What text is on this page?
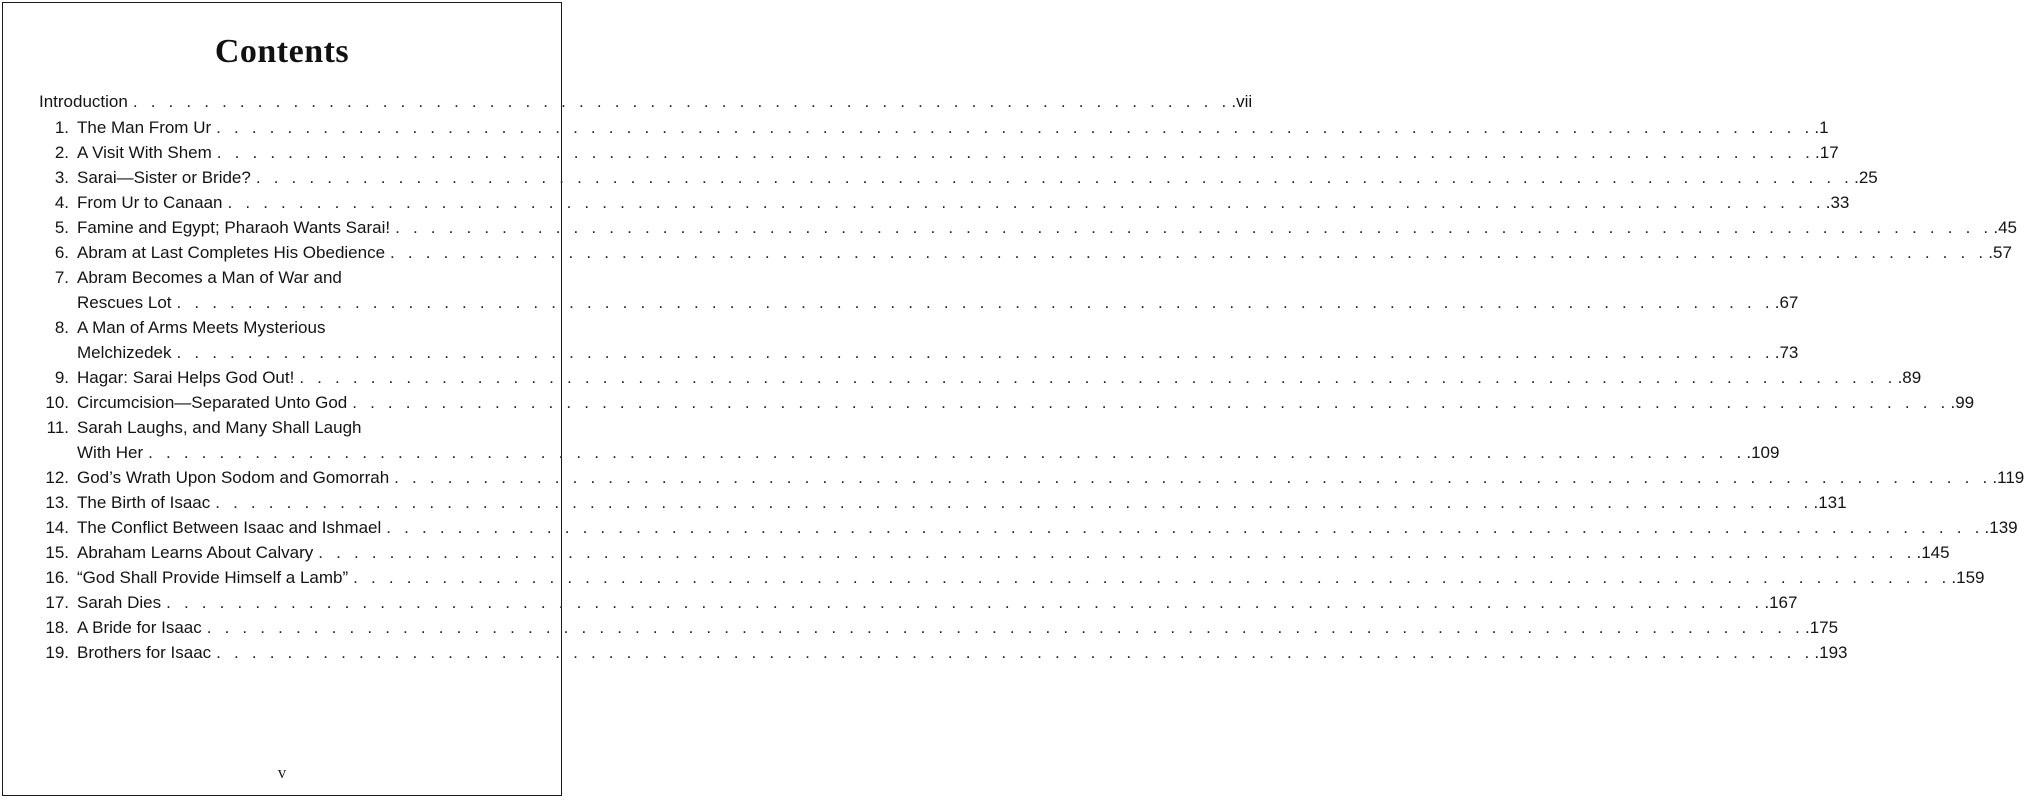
Contents
Introduction . . . . . . . . . . . . . . . . . . . . . . . . . . . . . . . . . . . . . . . . . . . . . . . . . . . . . . . . . . . . . . .vii
1. The Man From Ur . . . . . . . . . . . . . . . . . . . . . . . . . . . . . . . . . . . . . . . . . . . . . . . . . . . . . . . . . . . . . . . . . . . . . . . . . . . . . . . . . . . . . . . . . . .1
2. A Visit With Shem . . . . . . . . . . . . . . . . . . . . . . . . . . . . . . . . . . . . . . . . . . . . . . . . . . . . . . . . . . . . . . . . . . . . . . . . . . . . . . . . . . . . . . . . . . .17
3. Sarai—Sister or Bride? . . . . . . . . . . . . . . . . . . . . . . . . . . . . . . . . . . . . . . . . . . . . . . . . . . . . . . . . . . . . . . . . . . . . . . . . . . . . . . . . . . . . . . . . . . .25
4. From Ur to Canaan . . . . . . . . . . . . . . . . . . . . . . . . . . . . . . . . . . . . . . . . . . . . . . . . . . . . . . . . . . . . . . . . . . . . . . . . . . . . . . . . . . . . . . . . . . .33
5. Famine and Egypt; Pharaoh Wants Sarai! . . . . . . . . . . . . . . . . . . . . . . . . . . . . . . . . . . . . . . . . . . . . . . . . . . . . . . . . . . . . . . . . . . . . . . . . . . . . . . . . . . . . . . . . . . .45
6. Abram at Last Completes His Obedience . . . . . . . . . . . . . . . . . . . . . . . . . . . . . . . . . . . . . . . . . . . . . . . . . . . . . . . . . . . . . . . . . . . . . . . . . . . . . . . . . . . . . . . . . . .57
7. Abram Becomes a Man of War and
Rescues Lot . . . . . . . . . . . . . . . . . . . . . . . . . . . . . . . . . . . . . . . . . . . . . . . . . . . . . . . . . . . . . . . . . . . . . . . . . . . . . . . . . . . . . . . . . . .67
8. A Man of Arms Meets Mysterious
Melchizedek . . . . . . . . . . . . . . . . . . . . . . . . . . . . . . . . . . . . . . . . . . . . . . . . . . . . . . . . . . . . . . . . . . . . . . . . . . . . . . . . . . . . . . . . . . .73
9. Hagar: Sarai Helps God Out! . . . . . . . . . . . . . . . . . . . . . . . . . . . . . . . . . . . . . . . . . . . . . . . . . . . . . . . . . . . . . . . . . . . . . . . . . . . . . . . . . . . . . . . . . . .89
10. Circumcision—Separated Unto God . . . . . . . . . . . . . . . . . . . . . . . . . . . . . . . . . . . . . . . . . . . . . . . . . . . . . . . . . . . . . . . . . . . . . . . . . . . . . . . . . . . . . . . . . . .99
11. Sarah Laughs, and Many Shall Laugh
With Her . . . . . . . . . . . . . . . . . . . . . . . . . . . . . . . . . . . . . . . . . . . . . . . . . . . . . . . . . . . . . . . . . . . . . . . . . . . . . . . . . . . . . . . . . . .109
12. God’s Wrath Upon Sodom and Gomorrah . . . . . . . . . . . . . . . . . . . . . . . . . . . . . . . . . . . . . . . . . . . . . . . . . . . . . . . . . . . . . . . . . . . . . . . . . . . . . . . . . . . . . . . . . . .119
13. The Birth of Isaac . . . . . . . . . . . . . . . . . . . . . . . . . . . . . . . . . . . . . . . . . . . . . . . . . . . . . . . . . . . . . . . . . . . . . . . . . . . . . . . . . . . . . . . . . . .131
14. The Conflict Between Isaac and Ishmael . . . . . . . . . . . . . . . . . . . . . . . . . . . . . . . . . . . . . . . . . . . . . . . . . . . . . . . . . . . . . . . . . . . . . . . . . . . . . . . . . . . . . . . . . . .139
15. Abraham Learns About Calvary . . . . . . . . . . . . . . . . . . . . . . . . . . . . . . . . . . . . . . . . . . . . . . . . . . . . . . . . . . . . . . . . . . . . . . . . . . . . . . . . . . . . . . . . . . .145
16. “God Shall Provide Himself a Lamb” . . . . . . . . . . . . . . . . . . . . . . . . . . . . . . . . . . . . . . . . . . . . . . . . . . . . . . . . . . . . . . . . . . . . . . . . . . . . . . . . . . . . . . . . . . .159
17. Sarah Dies . . . . . . . . . . . . . . . . . . . . . . . . . . . . . . . . . . . . . . . . . . . . . . . . . . . . . . . . . . . . . . . . . . . . . . . . . . . . . . . . . . . . . . . . . . .167
18. A Bride for Isaac . . . . . . . . . . . . . . . . . . . . . . . . . . . . . . . . . . . . . . . . . . . . . . . . . . . . . . . . . . . . . . . . . . . . . . . . . . . . . . . . . . . . . . . . . . .175
19. Brothers for Isaac . . . . . . . . . . . . . . . . . . . . . . . . . . . . . . . . . . . . . . . . . . . . . . . . . . . . . . . . . . . . . . . . . . . . . . . . . . . . . . . . . . . . . . . . . . .193
v
